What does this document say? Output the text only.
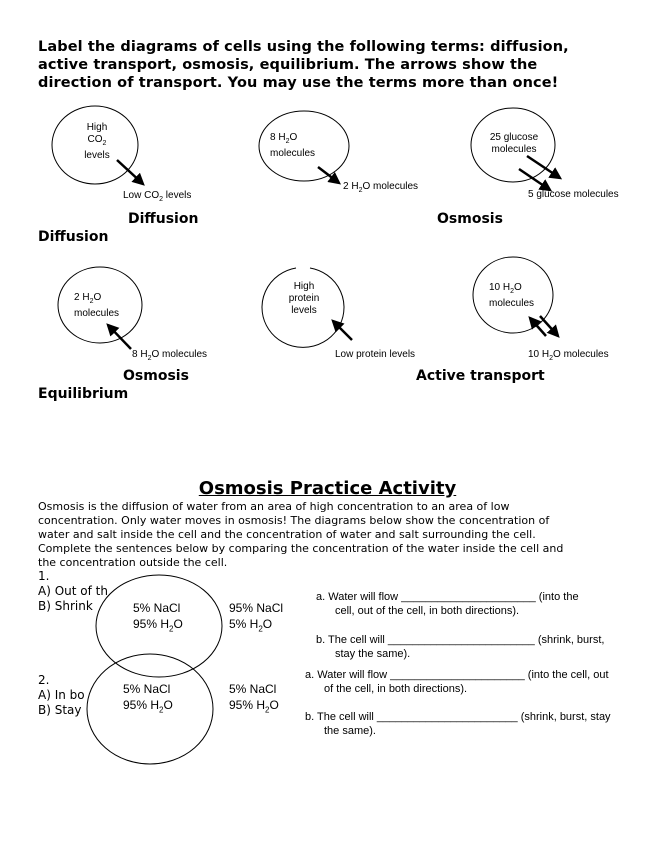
Label the diagrams of cells using the following terms: diffusion,
active transport, osmosis, equilibrium. The arrows show the
direction of transport. You may use the terms more than once!
High
$CO_2$
levels
Low $CO_2$ levels
8 $H_2O$
molecules
2 $H_2O$ molecules
25 glucose
molecules
5 glucose molecules
Diffusion	Osmosis
Diffusion
2 $H_2O$
molecules
8 $H_2O$ molecules
High
protein
levels
Low protein levels
10 $H_2O$
molecules
10 $H_2O$ molecules
Osmosis	Active transport
Equilibrium
Osmosis Practice Activity
Osmosis is the diffusion of water from an area of high concentration to an area of low
concentration. Only water moves in osmosis! The diagrams below show the concentration of
water and salt inside the cell and the concentration of water and salt surrounding the cell.
Complete the sentences below by comparing the concentration of the water inside the cell and
the concentration outside the cell.
1.
A) Out of th
B) Shrink	5% NaCl
95% $H_2O$
95% NaCl
5% $H_2O$
a. Water will flow ______________________ (into the
cell, out of the cell, in both directions).
b. The cell will ________________________ (shrink, burst,
stay the same).
2.
A) In bo
B) Stay
5% NaCl
95% $H_2O$
5% NaCl
95% $H_2O$
a. Water will flow ______________________ (into the cell, out
of the cell, in both directions).
b. The cell will _______________________ (shrink, burst, stay
the same).
